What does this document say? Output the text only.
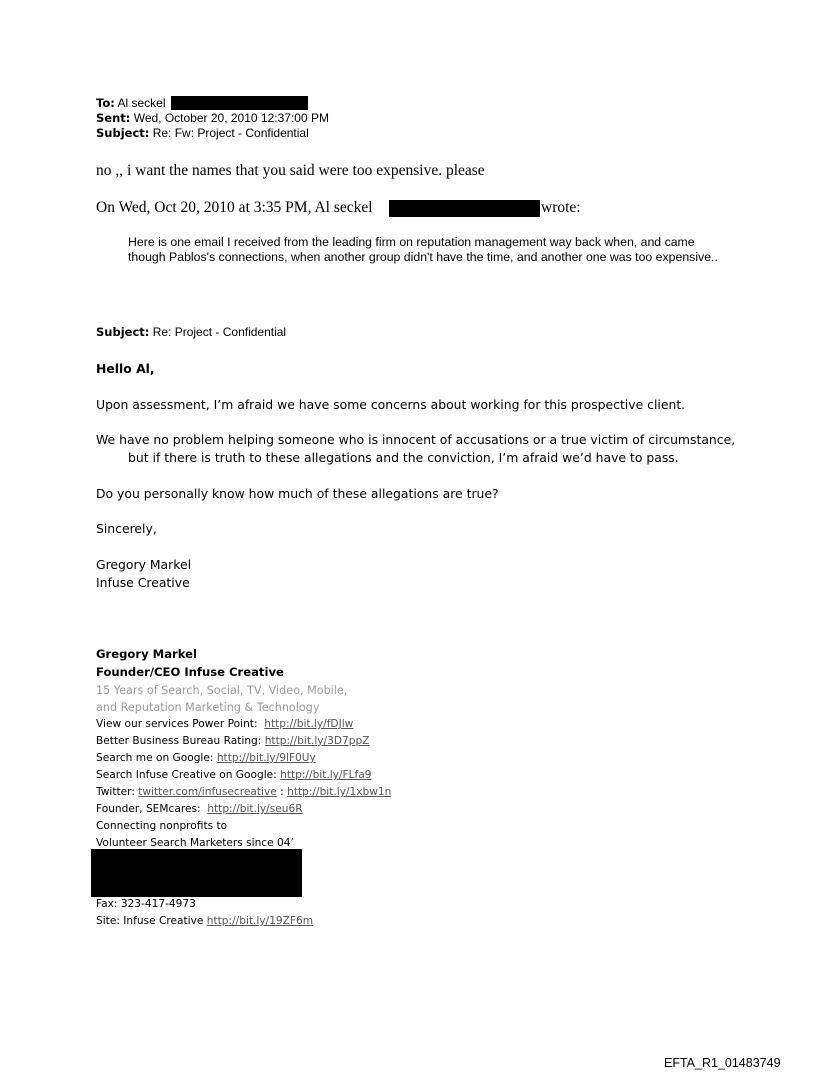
To: Al seckel
Sent: Wed, October 20, 2010 12:37:00 PM
Subject: Re: Fw: Project - Confidential
no ,, i want the names that you said were too expensive. please
On Wed, Oct 20, 2010 at 3:35 PM, Al seckel	wrote:
Here is one email I received from the leading firm on reputation management way back when, and came though Pablos's connections, when another group didn't have the time, and another one was too expensive..
Subject: Re: Project - Confidential
Hello Al,
Upon assessment, I’m afraid we have some concerns about working for this prospective client.
We have no problem helping someone who is innocent of accusations or a true victim of circumstance,
but if there is truth to these allegations and the conviction, I’m afraid we’d have to pass.
Do you personally know how much of these allegations are true?
Sincerely,
Gregory Markel
Infuse Creative
Gregory Markel
Founder/CEO Infuse Creative
15 Years of Search, Social, TV, Video, Mobile,
and Reputation Marketing & Technology
View our services Power Point: http://bit.ly/fDJlw
Better Business Bureau Rating: http://bit.ly/3D7ppZ
Search me on Google: http://bit.ly/9lF0Uy
Search Infuse Creative on Google: http://bit.ly/FLfa9
Twitter: twitter.com/infusecreative : http://bit.ly/1xbw1n
Founder, SEMcares: http://bit.ly/seu6R
Connecting nonprofits to
Volunteer Search Marketers since 04’
Fax: 323-417-4973
Site: Infuse Creative http://bit.ly/19ZF6m
EFTA_R1_01483749
